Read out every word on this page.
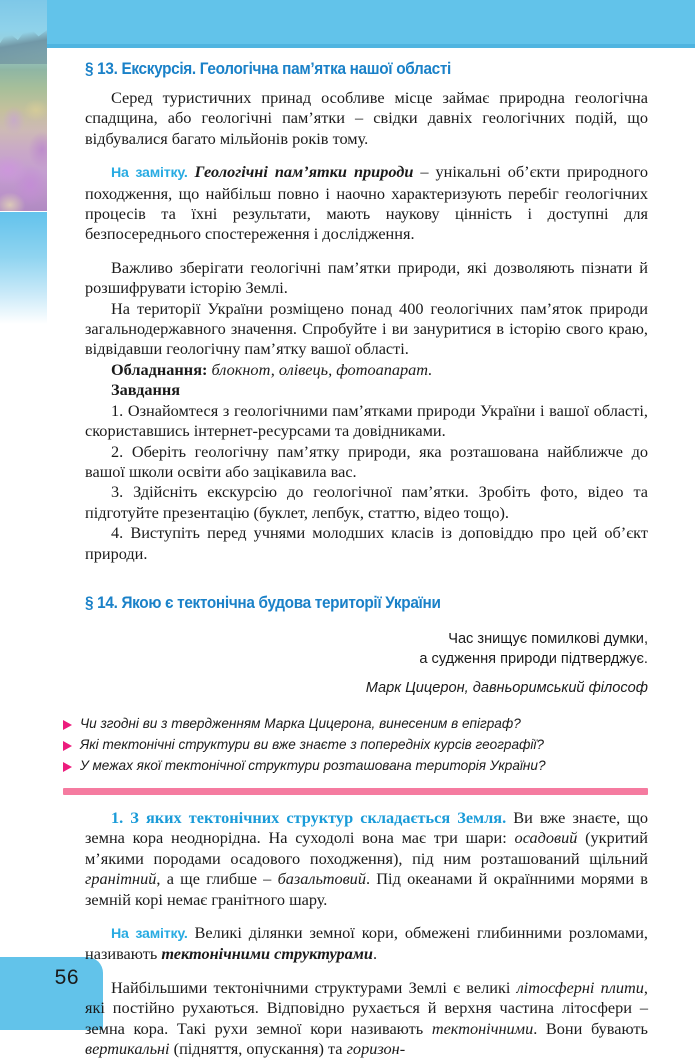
56
§ 13. Екскурсія. Геологічна пам’ятка нашої області

Серед туристичних принад особливе місце займає природна геологічна спадщина, або геологічні пам’ятки – свідки давніх геологічних подій, що відбувалися багато мільйонів років тому.

На замітку. Геологічні пам’ятки природи – унікальні об’єкти природного походження, що найбільш повно і наочно характеризують перебіг геологічних процесів та їхні результати, мають наукову цінність і доступні для безпосереднього спостереження і дослідження.

Важливо зберігати геологічні пам’ятки природи, які дозволяють пізнати й розшифрувати історію Землі.

На території України розміщено понад 400 геологічних пам’яток природи загальнодержавного значення. Спробуйте і ви зануритися в історію свого краю, відвідавши геологічну пам’ятку вашої області.

Обладнання: блокнот, олівець, фотоапарат.

Завдання

1. Ознайомтеся з геологічними пам’ятками природи України і вашої області, скориставшись інтернет-ресурсами та довідниками.

2. Оберіть геологічну пам’ятку природи, яка розташована найближче до вашої школи освіти або зацікавила вас.

3. Здійсніть екскурсію до геологічної пам’ятки. Зробіть фото, відео та підготуйте презентацію (буклет, лепбук, статтю, відео тощо).

4. Виступіть перед учнями молодших класів із доповіддю про цей об’єкт природи.

§ 14. Якою є тектонічна будова території України
Час знищує помилкові думки,
а судження природи підтверджує.
Марк Цицерон, давньоримський філософ
Чи згодні ви з твердженням Марка Цицерона, винесеним в епіграф?
Які тектонічні структури ви вже знаєте з попередніх курсів географії?
У межах якої тектонічної структури розташована територія України?

1. З яких тектонічних структур складається Земля. Ви вже знаєте, що земна кора неоднорідна. На суходолі вона має три шари: осадовий (укритий м’якими породами осадового походження), під ним розташований щільний гранітний, а ще глибше – базальтовий. Під океанами й окраїнними морями в земній корі немає гранітного шару.

На замітку. Великі ділянки земної кори, обмежені глибинними розломами, називають тектонічними структурами.

Найбільшими тектонічними структурами Землі є великі літосферні плити, які постійно рухаються. Відповідно рухається й верхня частина літосфери – земна кора. Такі рухи земної кори називають тектонічними. Вони бувають вертикальні (підняття, опускання) та горизон-
